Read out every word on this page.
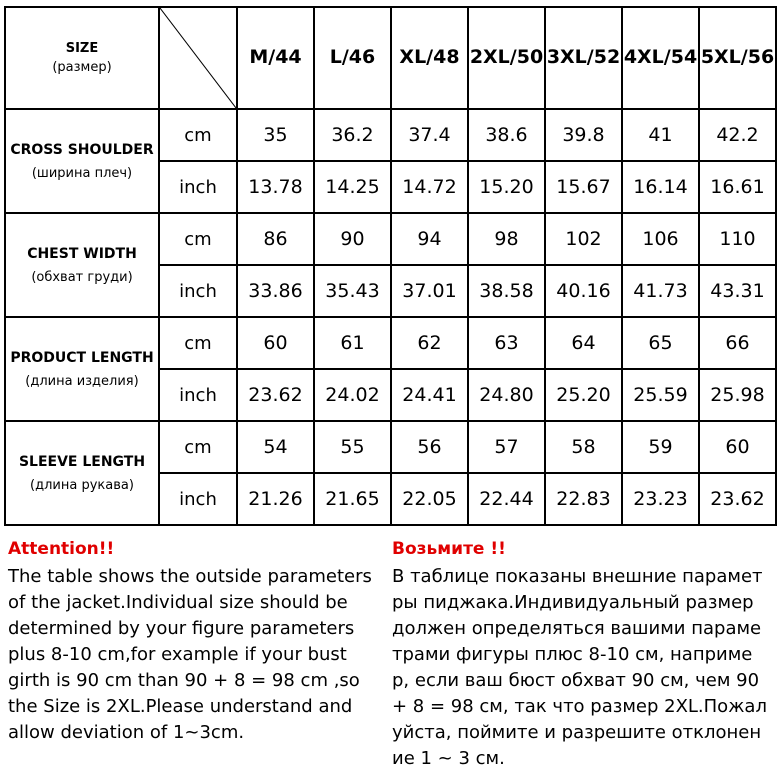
SIZE
(размер)		M/44	L/46	XL/48	2XL/50	3XL/52	4XL/54	5XL/56

CROSS SHOULDER
(ширина плеч)	cm	35	36.2	37.4	38.6	39.8	41	42.2
	inch	13.78	14.25	14.72	15.20	15.67	16.14	16.61

CHEST WIDTH
(обхват груди)	cm	86	90	94	98	102	106	110
	inch	33.86	35.43	37.01	38.58	40.16	41.73	43.31

PRODUCT LENGTH
(длина изделия)	cm	60	61	62	63	64	65	66
	inch	23.62	24.02	24.41	24.80	25.20	25.59	25.98

SLEEVE LENGTH
(длина рукава)	cm	54	55	56	57	58	59	60
	inch	21.26	21.65	22.05	22.44	22.83	23.23	23.62
Attention!!
The table shows the outside parameters
of the jacket.Individual size should be
determined by your figure parameters
plus 8-10 cm,for example if your bust
girth is 90 cm than 90 + 8 = 98 cm ,so
the Size is 2XL.Please understand and
allow deviation of 1~3cm.
Возьмите !!
В таблице показаны внешние парамет
ры пиджака.Индивидуальный размер
должен определяться вашими параме
трами фигуры плюс 8-10 см, наприме
р, если ваш бюст обхват 90 см, чем 90
+ 8 = 98 см, так что размер 2XL.Пожал
уйста, поймите и разрешите отклонен
ие 1 ~ 3 см.
